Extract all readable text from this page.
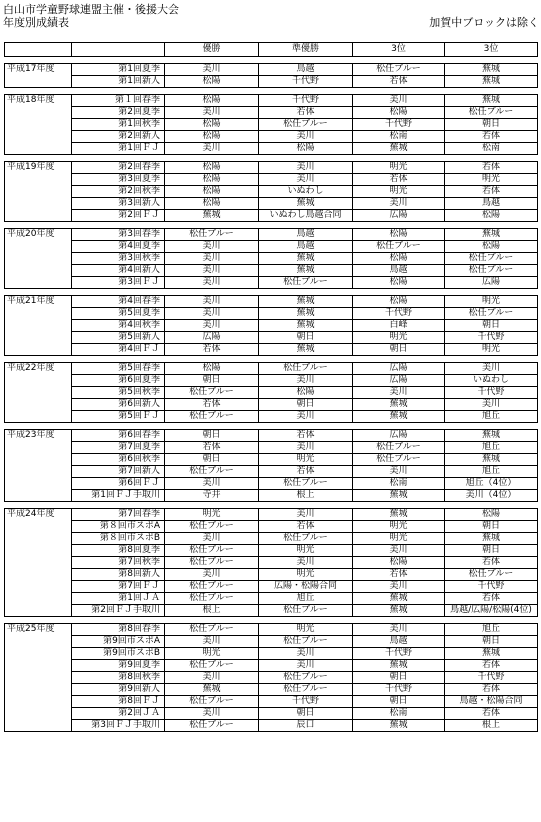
白山市学童野球連盟主催・後援大会
年度別成績表	加賀中ブロックは除く
		優勝	準優勝	3位	3位

平成17年度	第1回夏季	美川	鳥越	松任ブルー	蕪城
	第1回新人	松陽	千代野	若体	蕪城

平成18年度	第１回春季	松陽	千代野	美川	蕪城
	第2回夏季	美川	若体	松陽	松任ブルー
	第1回秋季	松陽	松任ブルー	千代野	朝日
	第2回新人	松陽	美川	松南	若体
	第1回ＦＪ	美川	松陽	蕪城	松南

平成19年度	第2回春季	松陽	美川	明光	若体
	第3回夏季	松陽	美川	若体	明光
	第2回秋季	松陽	いぬわし	明光	若体
	第3回新人	松陽	蕪城	美川	鳥越
	第2回ＦＪ	蕪城	いぬわし鳥越合同	広陽	松陽

平成20年度	第3回春季	松任ブルー	鳥越	松陽	蕪城
	第4回夏季	美川	鳥越	松任ブルー	松陽
	第3回秋季	美川	蕪城	松陽	松任ブルー
	第4回新人	美川	蕪城	鳥越	松任ブルー
	第3回ＦＪ	美川	松任ブルー	松陽	広陽

平成21年度	第4回春季	美川	蕪城	松陽	明光
	第5回夏季	美川	蕪城	千代野	松任ブルー
	第4回秋季	美川	蕪城	白峰	朝日
	第5回新人	広陽	朝日	明光	千代野
	第4回ＦＪ	若体	蕪城	朝日	明光

平成22年度	第5回春季	松陽	松任ブルー	広陽	美川
	第6回夏季	朝日	美川	広陽	いぬわし
	第5回秋季	松任ブルー	松陽	美川	千代野
	第6回新人	若体	朝日	蕪城	美川
	第5回ＦＪ	松任ブルー	美川	蕪城	旭丘

平成23年度	第6回春季	朝日	若体	広陽	蕪城
	第7回夏季	若体	美川	松任ブルー	旭丘
	第6回秋季	朝日	明光	松任ブルー	蕪城
	第7回新人	松任ブルー	若体	美川	旭丘
	第6回ＦＪ	美川	松任ブルー	松南	旭丘（4位）
	第1回ＦＪ手取川	寺井	根上	蕪城	美川（4位）

平成24年度	第7回春季	明光	美川	蕪城	松陽
	第８回市スポA	松任ブルー	若体	明光	朝日
	第８回市スポB	美川	松任ブルー	明光	蕪城
	第8回夏季	松任ブルー	明光	美川	朝日
	第7回秋季	松任ブルー	美川	松陽	若体
	第8回新人	美川	明光	若体	松任ブルー
	第7回ＦＪ	松任ブルー	広陽・松陽合同	美川	千代野
	第1回ＪＡ	松任ブルー	旭丘	蕪城	若体
	第2回ＦＪ手取川	根上	松任ブルー	蕪城	鳥越/広陽/松陽(4位)

平成25年度	第8回春季	松任ブルー	明光	美川	旭丘
	第9回市スポA	美川	松任ブルー	鳥越	朝日
	第9回市スポB	明光	美川	千代野	蕪城
	第9回夏季	松任ブルー	美川	蕪城	若体
	第8回秋季	美川	松任ブルー	朝日	千代野
	第9回新人	蕪城	松任ブルー	千代野	若体
	第8回ＦＪ	松任ブルー	千代野	朝日	鳥越・松陽合同
	第2回ＪＡ	美川	朝日	松南	若体
	第3回ＦＪ手取川	松任ブルー	辰口	蕪城	根上
